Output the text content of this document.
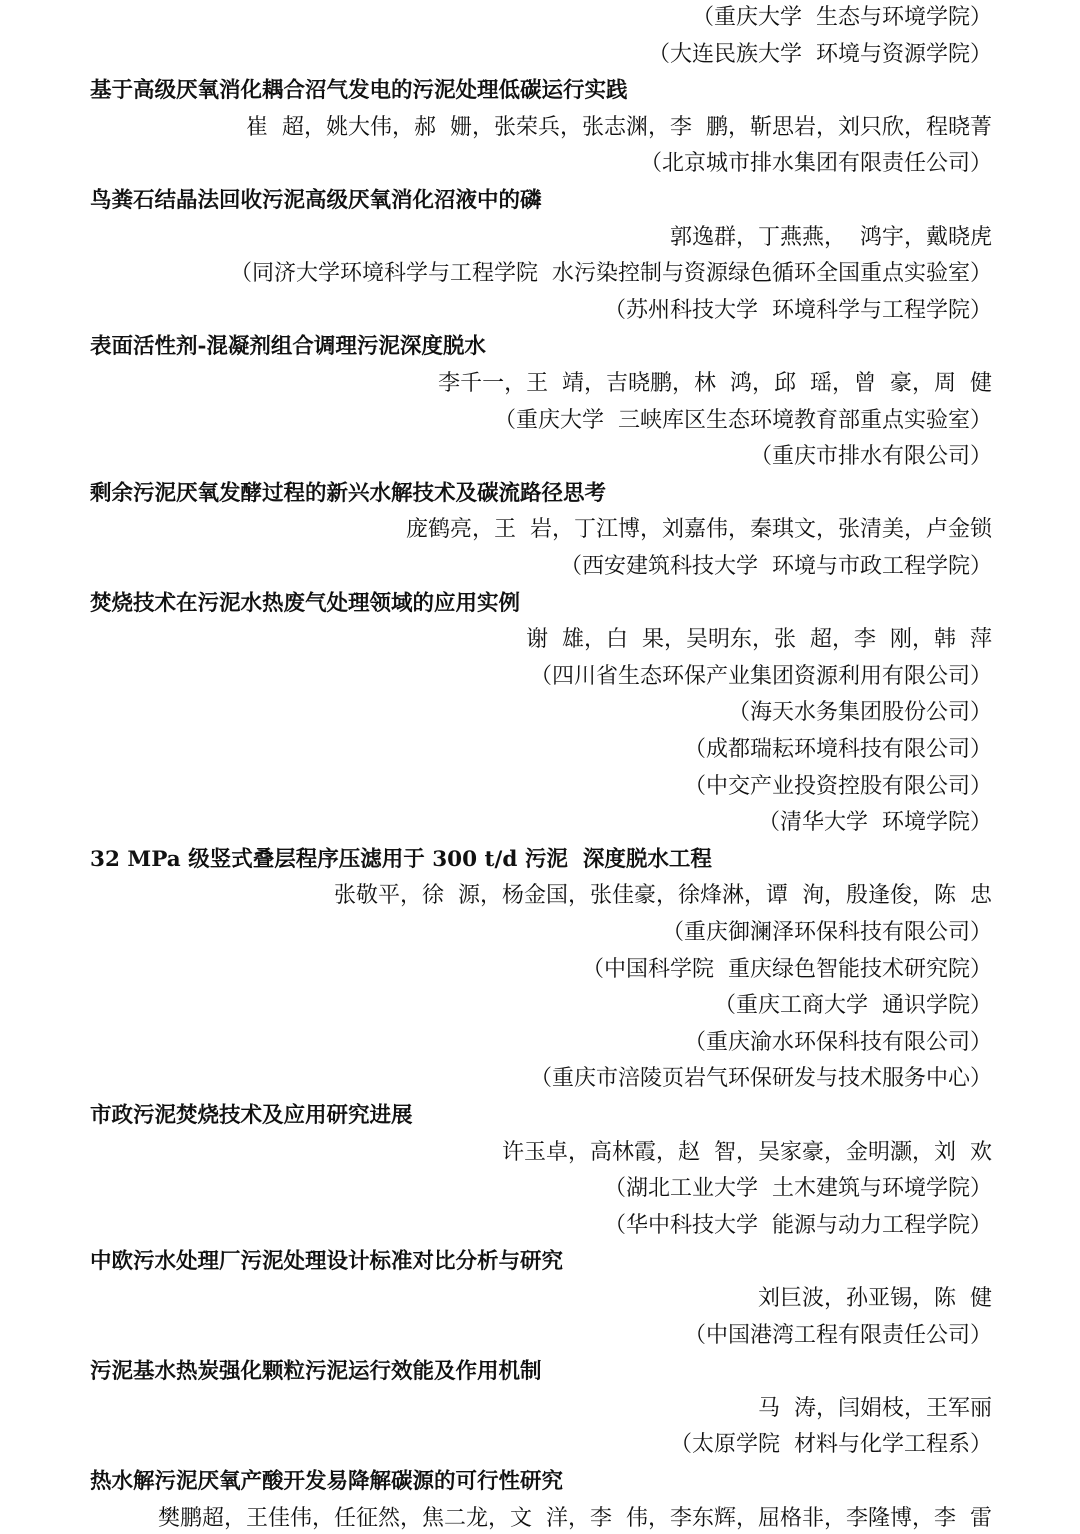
（重庆大学  生态与环境学院）
（大连民族大学  环境与资源学院）
基于高级厌氧消化耦合沼气发电的污泥处理低碳运行实践
崔  超，姚大伟，郝  姗，张荣兵，张志渊，李  鹏，靳思岩，刘只欣，程晓菁
（北京城市排水集团有限责任公司）
鸟粪石结晶法回收污泥高级厌氧消化沼液中的磷
郭逸群，丁燕燕，  鸿宇，戴晓虎
（同济大学环境科学与工程学院  水污染控制与资源绿色循环全国重点实验室）
（苏州科技大学  环境科学与工程学院）
表面活性剂-混凝剂组合调理污泥深度脱水
李千一，王  靖，吉晓鹏，林  鸿，邱  瑶，曾  豪，周  健
（重庆大学  三峡库区生态环境教育部重点实验室）
（重庆市排水有限公司）
剩余污泥厌氧发酵过程的新兴水解技术及碳流路径思考
庞鹤亮，王  岩，丁江博，刘嘉伟，秦琪文，张清美，卢金锁
（西安建筑科技大学  环境与市政工程学院）
焚烧技术在污泥水热废气处理领域的应用实例
谢  雄，白  果，吴明东，张  超，李  刚，韩  萍
（四川省生态环保产业集团资源利用有限公司）
（海天水务集团股份公司）
（成都瑞耘环境科技有限公司）
（中交产业投资控股有限公司）
（清华大学  环境学院）
32 MPa 级竖式叠层程序压滤用于 300 t/d 污泥  深度脱水工程
张敬平，徐  源，杨金国，张佳豪，徐烽淋，谭  洵，殷逢俊，陈  忠
（重庆御澜泽环保科技有限公司）
（中国科学院  重庆绿色智能技术研究院）
（重庆工商大学  通识学院）
（重庆渝水环保科技有限公司）
（重庆市涪陵页岩气环保研发与技术服务中心）
市政污泥焚烧技术及应用研究进展
许玉卓，高林霞，赵  智，吴家豪，金明灏，刘  欢
（湖北工业大学  土木建筑与环境学院）
（华中科技大学  能源与动力工程学院）
中欧污水处理厂污泥处理设计标准对比分析与研究
刘巨波，孙亚锡，陈  健
（中国港湾工程有限责任公司）
污泥基水热炭强化颗粒污泥运行效能及作用机制
马  涛，闫娟枝，王军丽
（太原学院  材料与化学工程系）
热水解污泥厌氧产酸开发易降解碳源的可行性研究
樊鹏超，王佳伟，任征然，焦二龙，文  洋，李  伟，李东辉，屈格非，李隆博，李  雷
